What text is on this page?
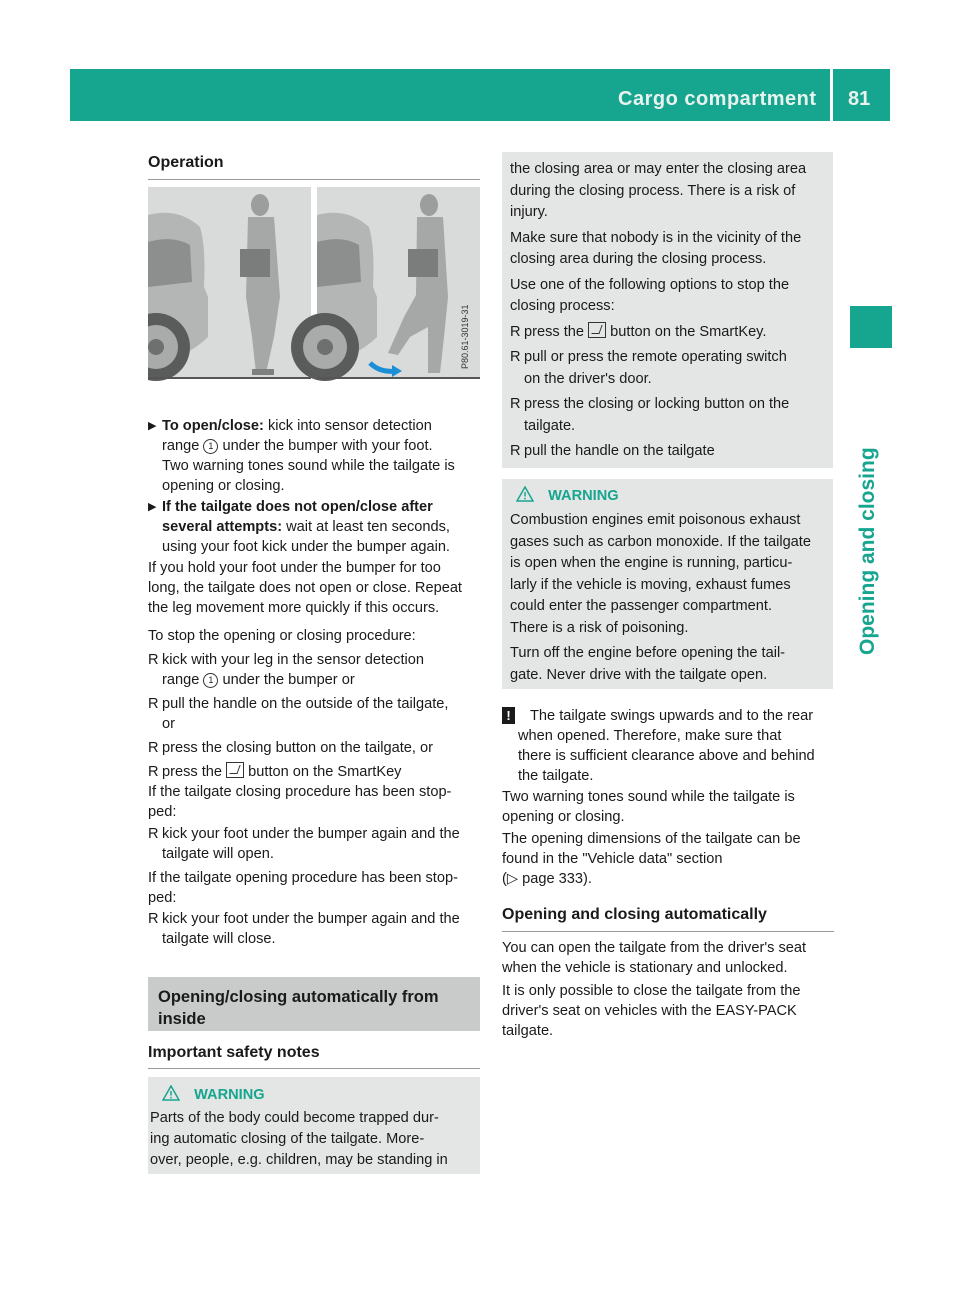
Cargo compartment 81
Opening and closing
Operation
P80.61-3019-31
▶ To open/close: kick into sensor detection
range 1 under the bumper with your foot.
Two warning tones sound while the tailgate is
opening or closing.
▶ If the tailgate does not open/close after
several attempts: wait at least ten seconds,
using your foot kick under the bumper again.
If you hold your foot under the bumper for too
long, the tailgate does not open or close. Repeat
the leg movement more quickly if this occurs.
To stop the opening or closing procedure:
R kick with your leg in the sensor detection
range 1 under the bumper or
R pull the handle on the outside of the tailgate,
or
R press the closing button on the tailgate, or
R press the button on the SmartKey
If the tailgate closing procedure has been stop-
ped:
R kick your foot under the bumper again and the
tailgate will open.
If the tailgate opening procedure has been stop-
ped:
R kick your foot under the bumper again and the
tailgate will close.
Opening/closing automatically from
inside
Important safety notes
WARNING
Parts of the body could become trapped dur-
ing automatic closing of the tailgate. More-
over, people, e.g. children, may be standing in
the closing area or may enter the closing area
during the closing process. There is a risk of
injury.
Make sure that nobody is in the vicinity of the
closing area during the closing process.
Use one of the following options to stop the
closing process:
R press the button on the SmartKey.
R pull or press the remote operating switch
on the driver's door.
R press the closing or locking button on the
tailgate.
R pull the handle on the tailgate
WARNING
Combustion engines emit poisonous exhaust
gases such as carbon monoxide. If the tailgate
is open when the engine is running, particu-
larly if the vehicle is moving, exhaust fumes
could enter the passenger compartment.
There is a risk of poisoning.
Turn off the engine before opening the tail-
gate. Never drive with the tailgate open.
!	The tailgate swings upwards and to the rear
when opened. Therefore, make sure that
there is sufficient clearance above and behind
the tailgate.
Two warning tones sound while the tailgate is
opening or closing.
The opening dimensions of the tailgate can be
found in the "Vehicle data" section
(▷ page 333).
Opening and closing automatically
You can open the tailgate from the driver's seat
when the vehicle is stationary and unlocked.
It is only possible to close the tailgate from the
driver's seat on vehicles with the EASY-PACK
tailgate.
